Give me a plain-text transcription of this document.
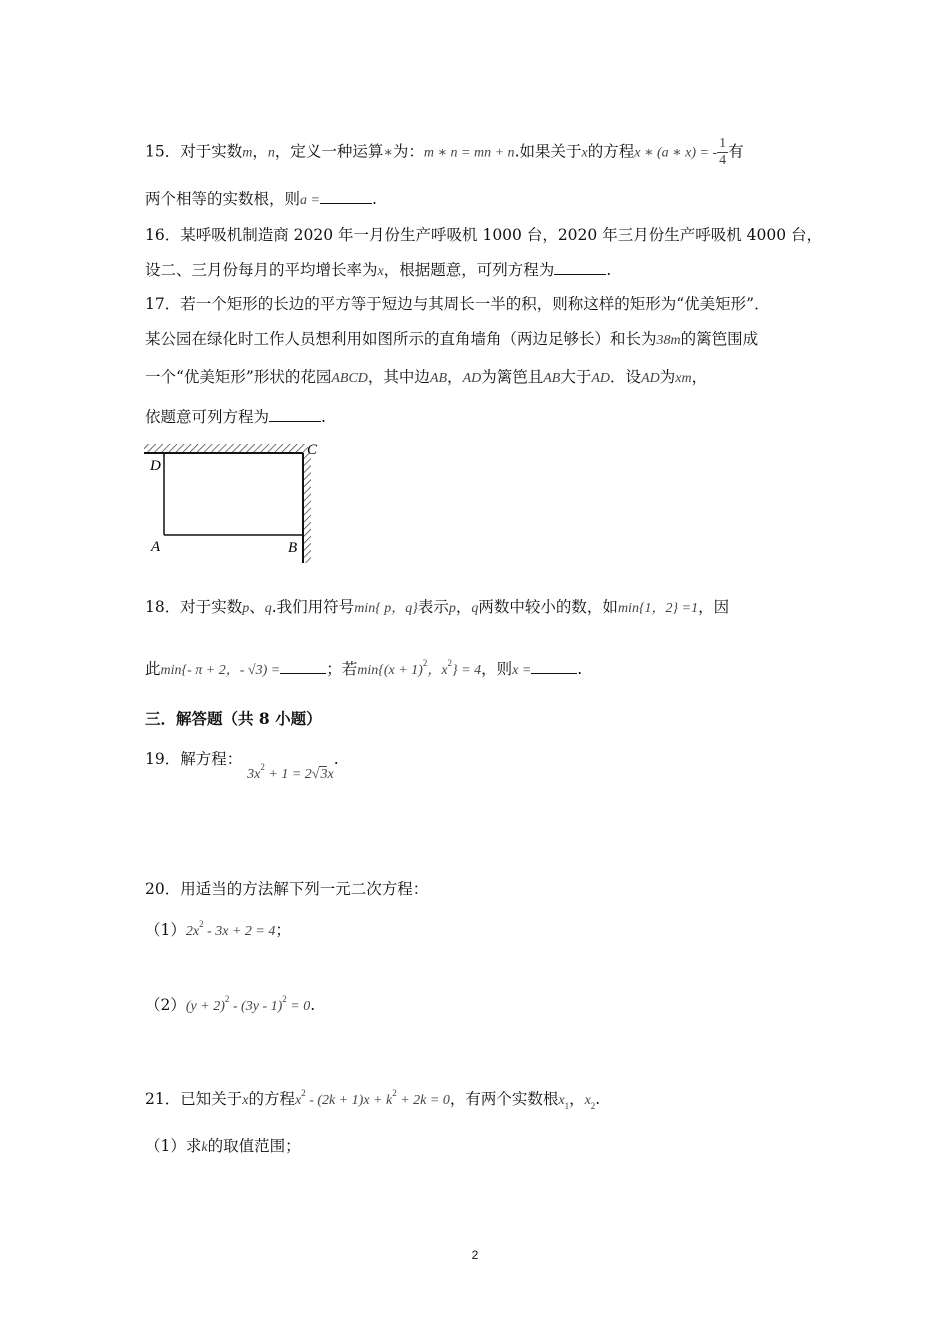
15．对于实数m，n，定义一种运算∗为：m ∗ n = mn + n.如果关于x的方程x ∗ (a ∗ x) = - $\frac{1}{4}$ 有
两个相等的实数根，则a =	.
16．某呼吸机制造商 2020 年一月份生产呼吸机 1000 台，2020 年三月份生产呼吸机 4000 台，
设二、三月份每月的平均增长率为x，根据题意，可列方程为	.
17．若一个矩形的长边的平方等于短边与其周长一半的积，则称这样的矩形为“优美矩形”．
某公园在绿化时工作人员想利用如图所示的直角墙角（两边足够长）和长为38m的篱笆围成
一个“优美矩形”形状的花园ABCD，其中边AB，AD为篱笆且AB大于AD．设AD为xm，
依题意可列方程为	.
D
C
A	B
18．对于实数p、q.我们用符号min{ p，q}表示p，q两数中较小的数，如min{1，2} =1，因
此min{- π + 2，- √3) =	；若$\min\{(x + 1)^2$，$x^2\} = 4$，则x =	.
三．解答题（共 8 小题）
19．解方程： $3x^2 + 1 = 2√3x$.
20．用适当的方法解下列一元二次方程：
$(1)2x^2 - 3x + 2 = 4$；
$(2)(y + 2)^2 - (3y - 1)^2 = 0$.
21．已知关于x的方程$x^2 - (2k + 1)x + k^2 + 2k = 0$，有两个实数根$x_1$，$x_2$.
（1）求k的取值范围；
2
